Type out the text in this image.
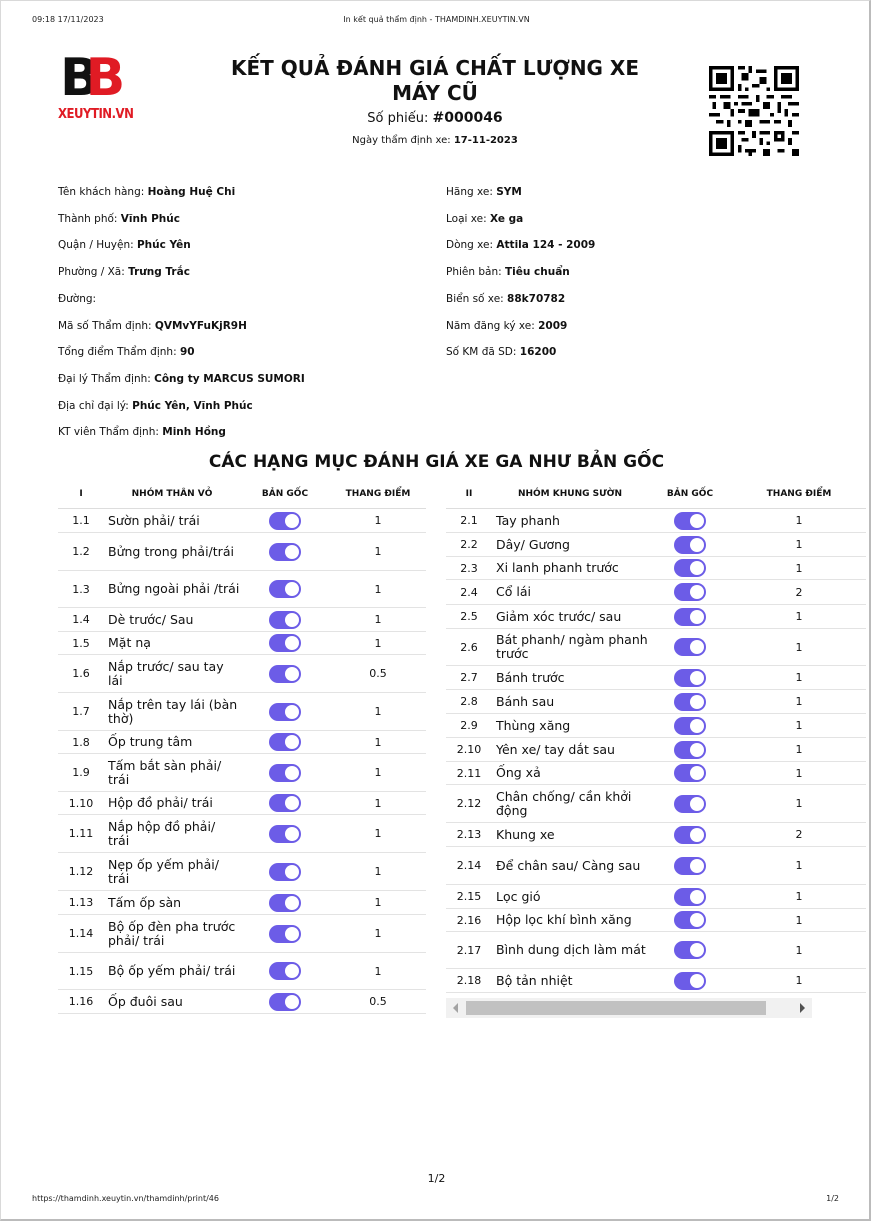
09:18 17/11/2023	In kết quả thẩm định - THAMDINH.XEUYTIN.VN
BB
XEUYTIN.VN
KẾT QUẢ ĐÁNH GIÁ CHẤT LƯỢNG XE
MÁY CŨ
Số phiếu: #000046
Ngày thẩm định xe: 17-11-2023
Tên khách hàng: Hoàng Huệ Chi
Thành phố: Vĩnh Phúc
Quận / Huyện: Phúc Yên
Phường / Xã: Trưng Trắc
Đường:
Mã số Thẩm định: QVMvYFuKjR9H
Tổng điểm Thẩm định: 90
Đại lý Thẩm định: Công ty MARCUS SUMORI
Địa chỉ đại lý: Phúc Yên, Vĩnh Phúc
KT viên Thẩm định: Minh Hồng
Hãng xe: SYM
Loại xe: Xe ga
Dòng xe: Attila 124 - 2009
Phiên bản: Tiêu chuẩn
Biển số xe: 88k70782
Năm đăng ký xe: 2009
Số KM đã SD: 16200
CÁC HẠNG MỤC ĐÁNH GIÁ XE GA NHƯ BẢN GỐC
I	NHÓM THÂN VỎ	BẢN GỐC	THANG ĐIỂM
1.1	Sườn phải/ trái		1
1.2	Bửng trong phải/trái		1
1.3	Bửng ngoài phải /trái		1
1.4	Dè trước/ Sau		1
1.5	Mặt nạ		1
1.6	Nắp trước/ sau tay lái		0.5
1.7	Nắp trên tay lái (bàn thờ)		1
1.8	Ốp trung tâm		1
1.9	Tấm bắt sàn phải/ trái		1
1.10	Hộp đồ phải/ trái		1
1.11	Nắp hộp đồ phải/ trái		1
1.12	Nẹp ốp yếm phải/ trái		1
1.13	Tấm ốp sàn		1
1.14	Bộ ốp đèn pha trước phải/ trái		1
1.15	Bộ ốp yếm phải/ trái		1
1.16	Ốp đuôi sau		0.5
II	NHÓM KHUNG SƯỜN	BẢN GỐC	THANG ĐIỂM
2.1	Tay phanh		1
2.2	Dây/ Gương		1
2.3	Xi lanh phanh trước		1
2.4	Cổ lái		2
2.5	Giảm xóc trước/ sau		1
2.6	Bát phanh/ ngàm phanh trước		1
2.7	Bánh trước		1
2.8	Bánh sau		1
2.9	Thùng xăng		1
2.10	Yên xe/ tay dắt sau		1
2.11	Ống xả		1
2.12	Chân chống/ cần khởi động		1
2.13	Khung xe		2
2.14	Để chân sau/ Càng sau		1
2.15	Lọc gió		1
2.16	Hộp lọc khí bình xăng		1
2.17	Bình dung dịch làm mát		1
2.18	Bộ tản nhiệt		1
1/2
https://thamdinh.xeuytin.vn/thamdinh/print/46	1/2
